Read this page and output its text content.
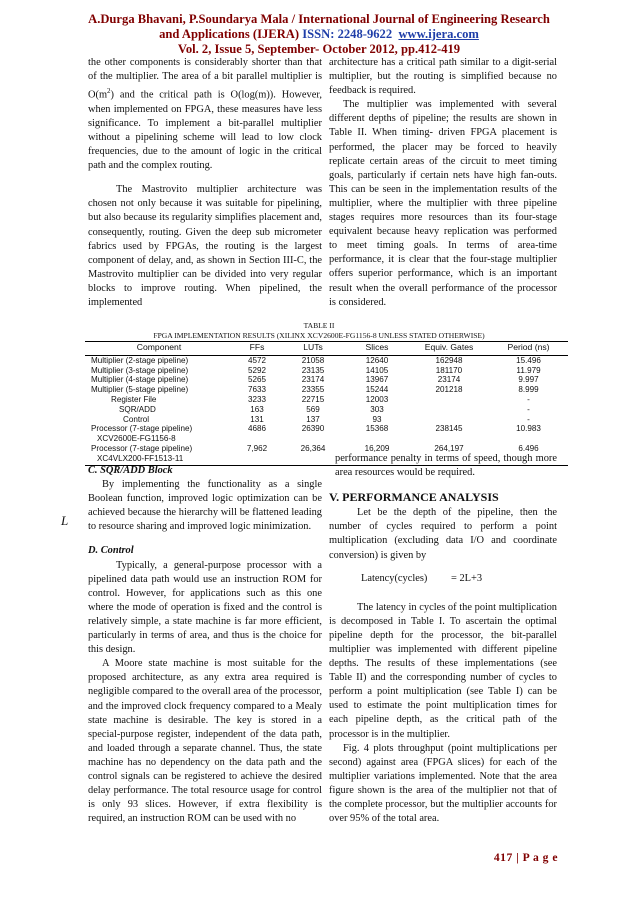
A.Durga Bhavani, P.Soundarya Mala / International Journal of Engineering Research
and Applications (IJERA) ISSN: 2248-9622 www.ijera.com
Vol. 2, Issue 5, September- October 2012, pp.412-419

the other components is considerably shorter than that of the multiplier. The area of a bit parallel multiplier is $O(m^2)$ and the critical path is O(log(m)). However, when implemented on FPGA, these measures have less significance. To implement a bit-parallel multiplier without a pipelining scheme will lead to low clock frequencies, due to the amount of logic in the critical path and the complex routing.

The Mastrovito multiplier architecture was chosen not only because it was suitable for pipelining, but also because its regularity simplifies placement and, consequently, routing. Given the deep sub micrometer fabrics used by FPGAs, the routing is the largest component of delay, and, as shown in Section III-C, the Mastrovito multiplier can be divided into very regular blocks to improve routing. When pipelined, the implemented

architecture has a critical path similar to a digit-serial multiplier, but the routing is simplified because no feedback is required.

The multiplier was implemented with several different depths of pipeline; the results are shown in Table II. When timing- driven FPGA placement is performed, the placer may be forced to heavily replicate certain areas of the circuit to meet timing goals, particularly if certain nets have high fan-outs. This can be seen in the implementation results of the multiplier, where the multiplier with three pipeline stages requires more resources than its four-stage equivalent because heavy replication was performed to meet timing goals. In terms of area-time performance, it is clear that the four-stage multiplier offers superior performance, which is an important result when the overall performance of the processor is considered.

TABLE II
FPGA IMPLEMENTATION RESULTS (XILINX XCV2600E-FG1156-8 UNLESS STATED OTHERWISE)
Component	FFs	LUTs	Slices	Equiv. Gates	Period (ns)
Multiplier (2-stage pipeline)	4572	21058	12640	162948	15.496
Multiplier (3-stage pipeline)	5292	23135	14105	181170	11.979
Multiplier (4-stage pipeline)	5265	23174	13967	23174	9.997
Multiplier (5-stage pipeline)	7633	23355	15244	201218	8.999
Register File	3233	22715	12003		-
SQR/ADD	163	569	303		-
Control	131	137	93		-
Processor (7-stage pipeline)	4686	26390	15368	238145	10.983
XCV2600E-FG1156-8					
Processor (7-stage pipeline)	7,962	26,364	16,209	264,197	6.496
XC4VLX200-FF1513-11					
L

C. SQR/ADD Block

By implementing the functionality as a single Boolean function, improved logic optimization can be achieved because the hierarchy will be flattened leading to resource sharing and improved logic minimization.

D. Control

Typically, a general-purpose processor with a pipelined data path would use an instruction ROM for control. However, for applications such as this one where the mode of operation is fixed and the control is relatively simple, a state machine is far more efficient, particularly in terms of area, and thus is the choice for this design.

A Moore state machine is most suitable for the proposed architecture, as any extra area required is negligible compared to the overall area of the processor, and the improved clock frequency compared to a Mealy state machine is desirable. The key is stored in a special-purpose register, independent of the data path, and loaded through a separate channel. Thus, the state machine has no dependency on the data path and the control signals can be registered to achieve the desired delay performance. The total resource usage for control is only 93 slices. However, if extra flexibility is required, an instruction ROM can be used with no

performance penalty in terms of speed, though more area resources would be required.

V. PERFORMANCE ANALYSIS

Let be the depth of the pipeline, then the number of cycles required to perform a point multiplication (excluding data I/O and coordinate conversion) is given by

Latency(cycles) = 2L+3

The latency in cycles of the point multiplication is decomposed in Table I. To ascertain the optimal pipeline depth for the processor, the bit-parallel multiplier was implemented with different pipeline depths. The results of these implementations (see Table II) and the corresponding number of cycles to perform a point multiplication (see Table I) can be used to estimate the point multiplication times for each pipeline depth, as the critical path of the processor is in the multiplier.

Fig. 4 plots throughput (point multiplications per second) against area (FPGA slices) for each of the multiplier variations implemented. Note that the area figure shown is the area of the multiplier not that of the complete processor, but the multiplier accounts for over 95% of the total area.

417 | P a g e
